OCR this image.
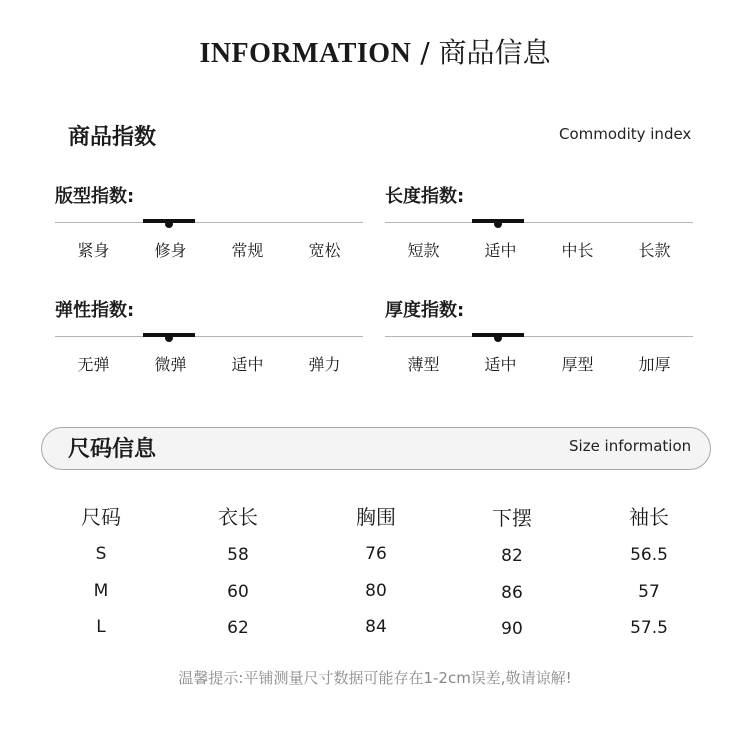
INFORMATION / 商品信息
商品指数	Commodity index
版型指数:
紧身	修身	常规	宽松
长度指数:
短款	适中	中长	长款
弹性指数:
无弹	微弹	适中	弹力
厚度指数:
薄型	适中	厚型	加厚
尺码信息	Size information
尺码	衣长	胸围	下摆	袖长
S	58	76	82	56.5
M	60	80	86	57
L	62	84	90	57.5
温馨提示:平铺测量尺寸数据可能存在1-2cm误差,敬请谅解!
